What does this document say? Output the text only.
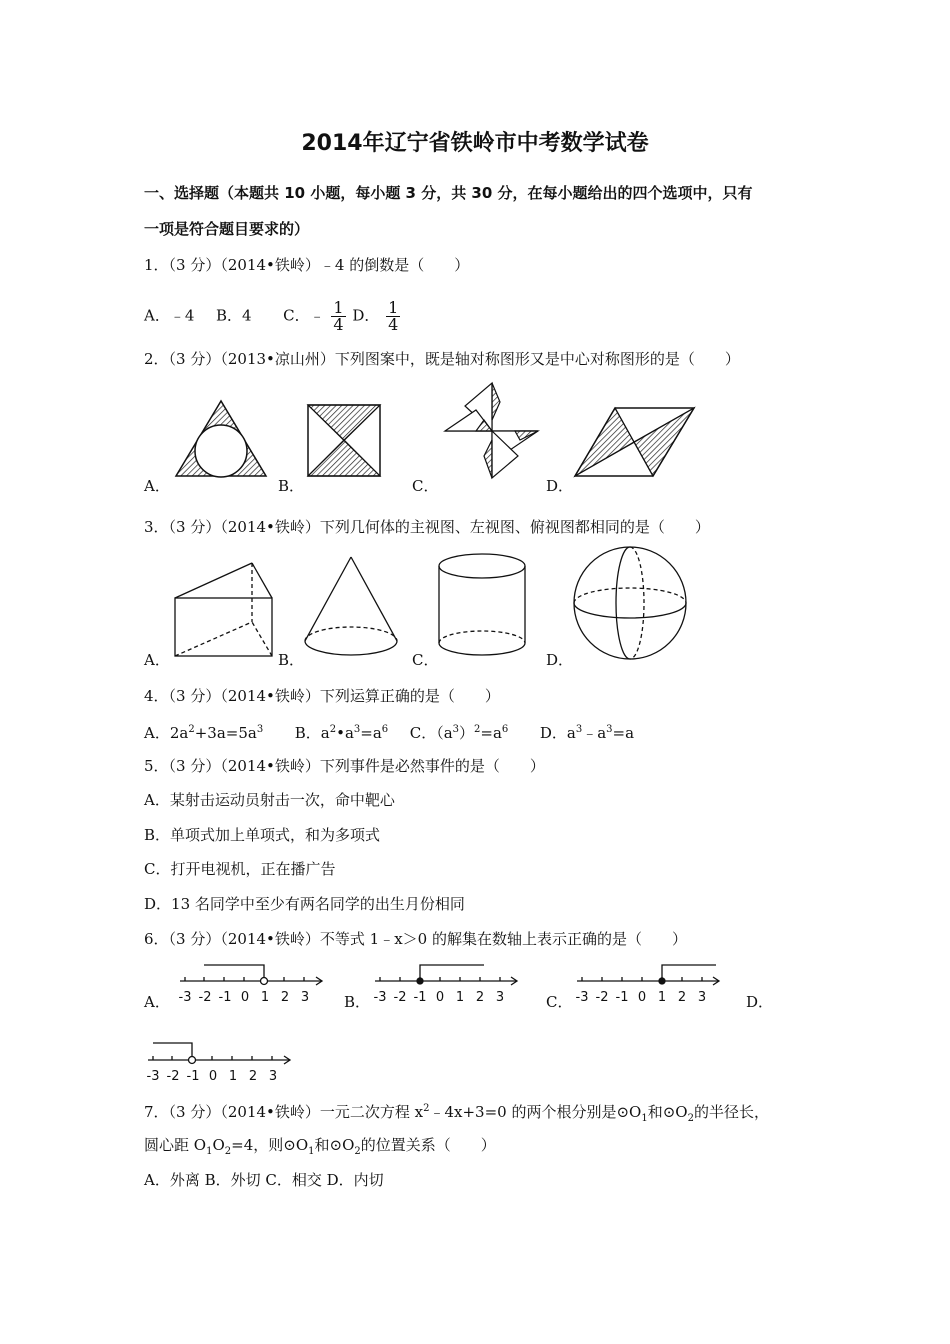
2014年辽宁省铁岭市中考数学试卷
一、选择题（本题共 10 小题，每小题 3 分，共 30 分，在每小题给出的四个选项中，只有
一项是符合题目要求的）
1．（3 分）（2014•铁岭）﹣4 的倒数是（　　）
A．﹣4 B．4 C．﹣ $\frac{1}{4}$ D． $\frac{1}{4}$
2．（3 分）（2013•凉山州）下列图案中，既是轴对称图形又是中心对称图形的是（　　）
A．	B．	C．	D．
3．（3 分）（2014•铁岭）下列几何体的主视图、左视图、俯视图都相同的是（　　）
A．	B．	C．	D．
4．（3 分）（2014•铁岭）下列运算正确的是（　　）
A．$2a^2+3a=5a^3$ B．$a^2•a^3=a^6$ C．$(a^3)^2=a^6$ D．$a^3﹣a^3=a$
5．（3 分）（2014•铁岭）下列事件是必然事件的是（　　）
A．某射击运动员射击一次，命中靶心
B．单项式加上单项式，和为多项式
C．打开电视机，正在播广告
D．13 名同学中至少有两名同学的出生月份相同
6．（3 分）（2014•铁岭）不等式 1﹣x＞0 的解集在数轴上表示正确的是（　　）
A．	B．	C．	D．
-3 -2 -1 0 1 2 3	-3 -2 -1 0 1 2 3	-3 -2 -1 0 1 2 3
-3 -2 -1 0 1 2 3
7．（3 分）（2014•铁岭）一元二次方程 $x^2﹣4x+3=0$ 的两个根分别是$⊙O_1$和$⊙O_2$的半径长，
圆心距 $O_1O_2=4$，则$⊙O_1$和$⊙O_2$的位置关系（　　）
A．外离 B．外切 C．相交 D．内切
